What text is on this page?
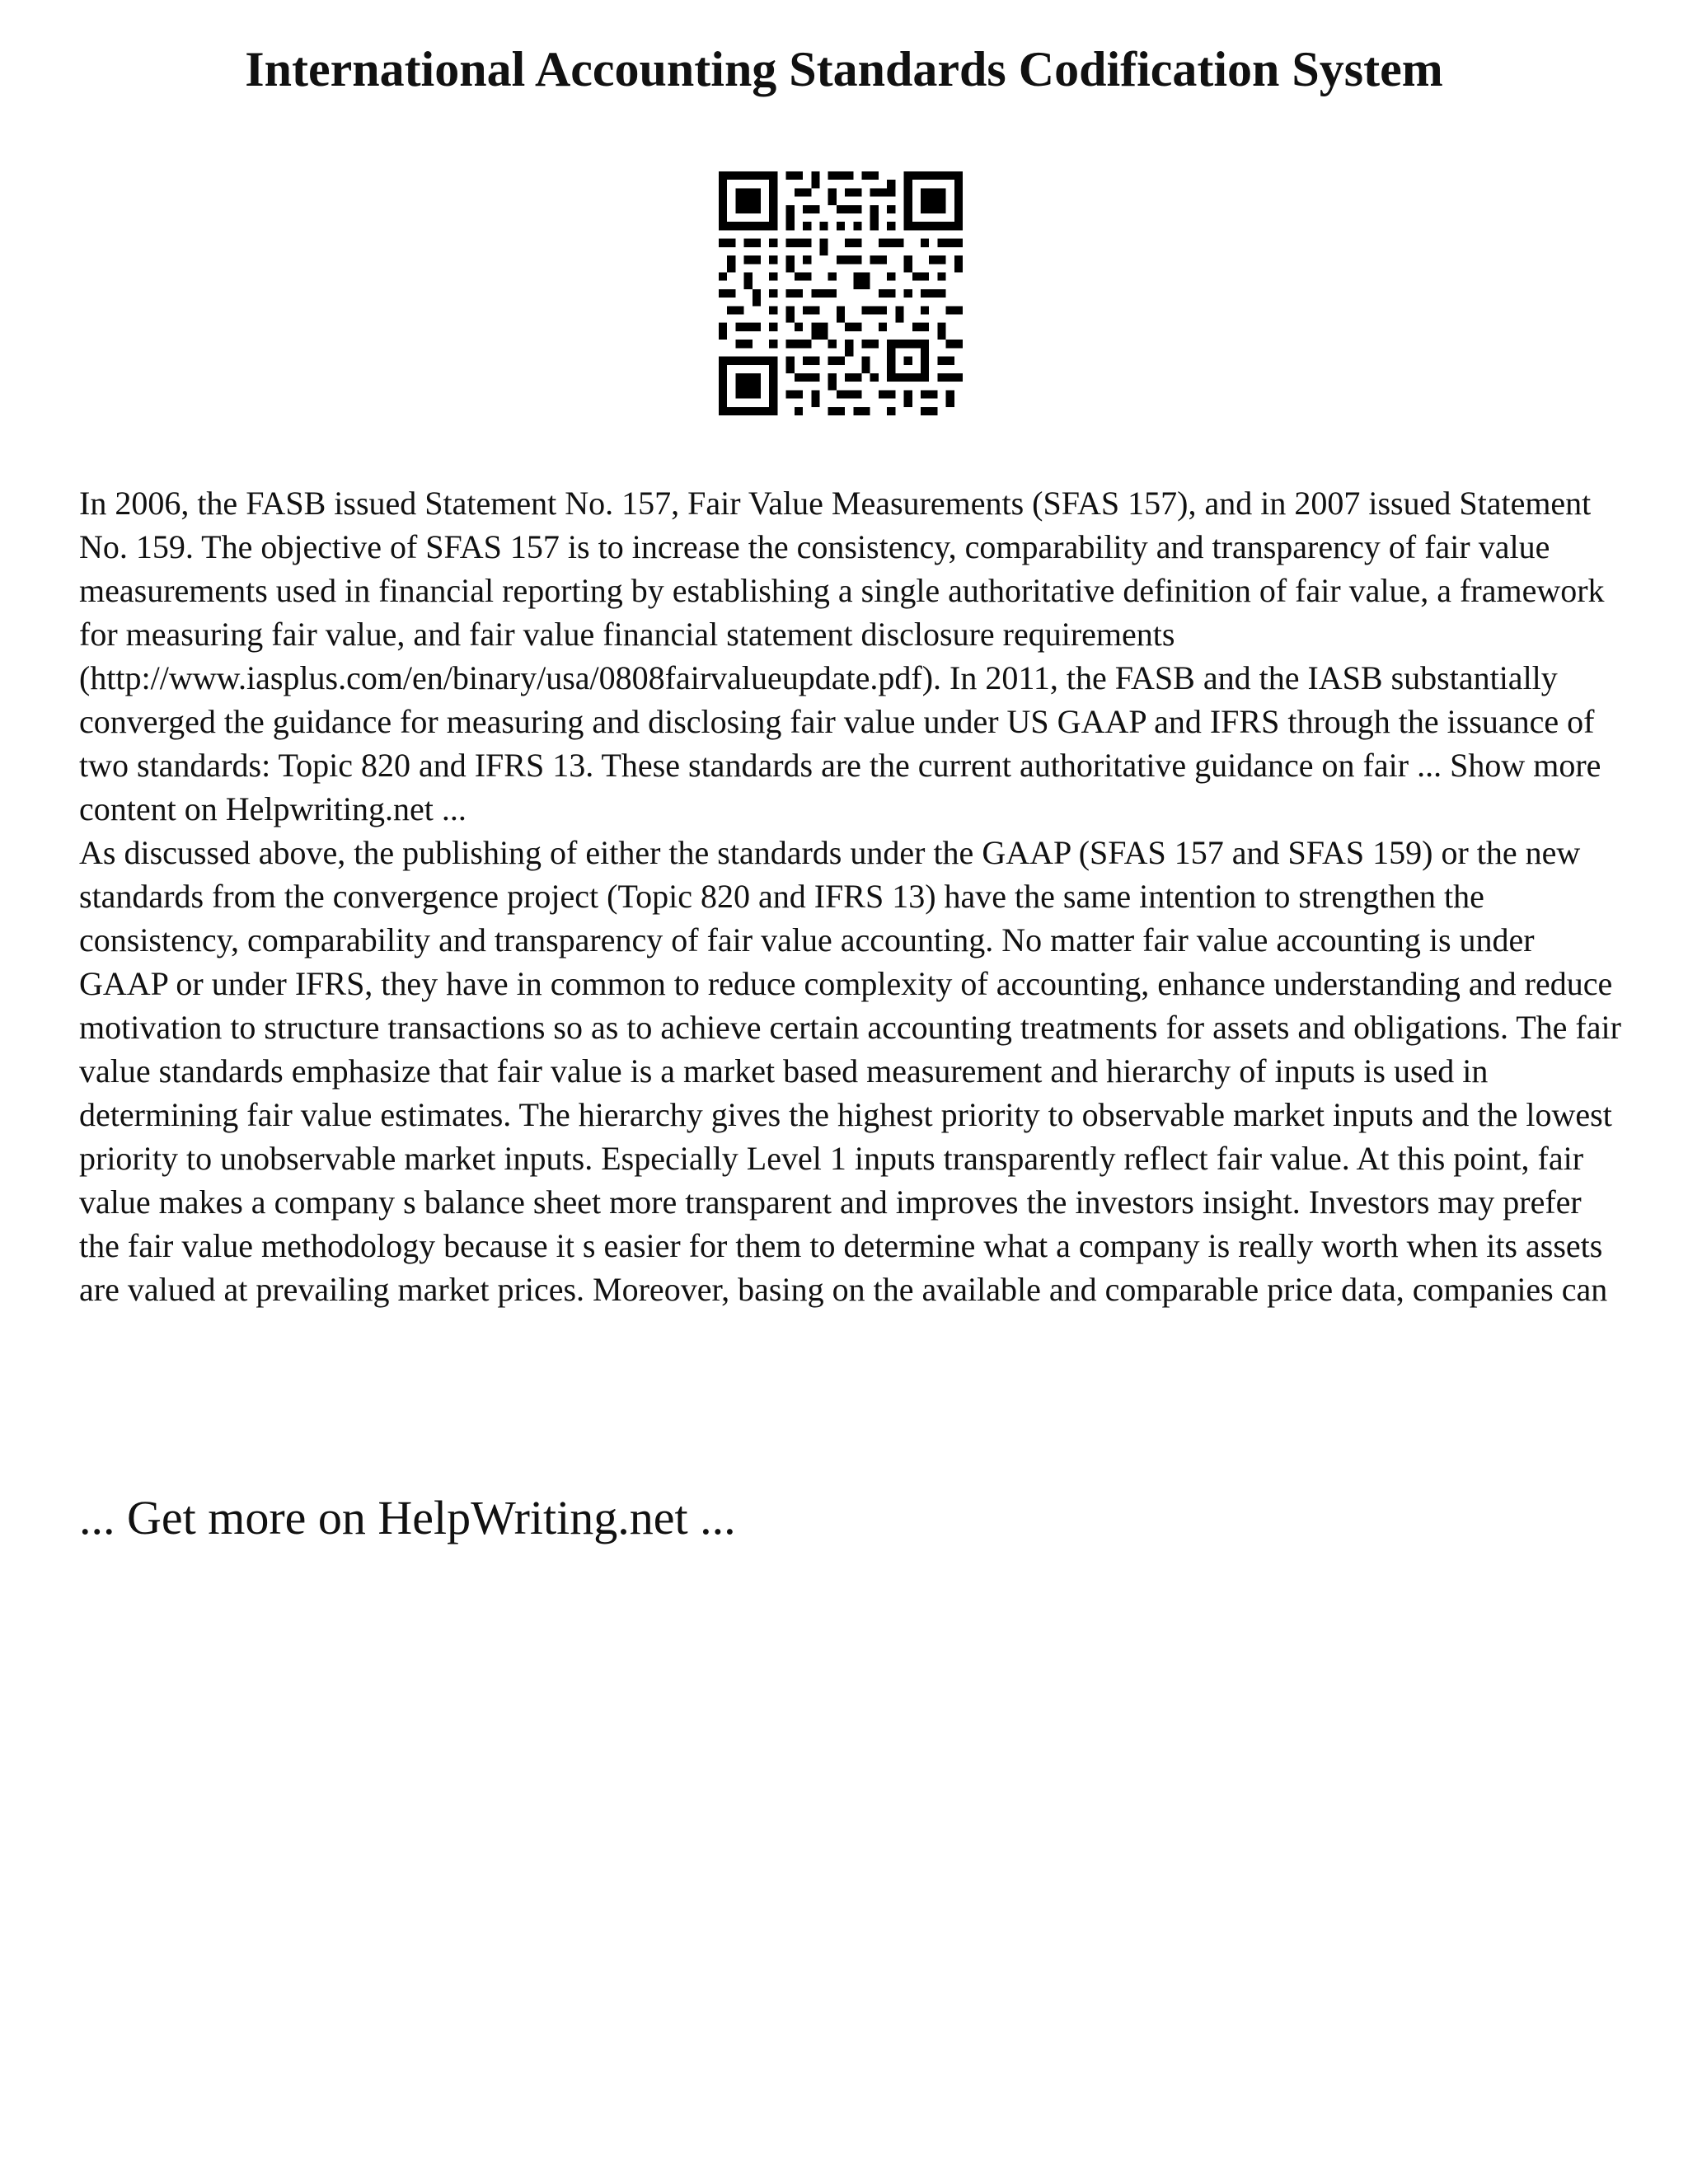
International Accounting Standards Codification System

In 2006, the FASB issued Statement No. 157, Fair Value Measurements (SFAS 157), and in 2007 issued Statement No. 159. The objective of SFAS 157 is to increase the consistency, comparability and transparency of fair value measurements used in financial reporting by establishing a single authoritative definition of fair value, a framework for measuring fair value, and fair value financial statement disclosure requirements (http://www.iasplus.com/en/binary/usa/0808fairvalueupdate.pdf). In 2011, the FASB and the IASB substantially converged the guidance for measuring and disclosing fair value under US GAAP and IFRS through the issuance of two standards: Topic 820 and IFRS 13. These standards are the current authoritative guidance on fair ... Show more content on Helpwriting.net ...

As discussed above, the publishing of either the standards under the GAAP (SFAS 157 and SFAS 159) or the new standards from the convergence project (Topic 820 and IFRS 13) have the same intention to strengthen the consistency, comparability and transparency of fair value accounting. No matter fair value accounting is under GAAP or under IFRS, they have in common to reduce complexity of accounting, enhance understanding and reduce motivation to structure transactions so as to achieve certain accounting treatments for assets and obligations. The fair value standards emphasize that fair value is a market based measurement and hierarchy of inputs is used in determining fair value estimates. The hierarchy gives the highest priority to observable market inputs and the lowest priority to unobservable market inputs. Especially Level 1 inputs transparently reflect fair value. At this point, fair value makes a company s balance sheet more transparent and improves the investors insight. Investors may prefer the fair value methodology because it s easier for them to determine what a company is really worth when its assets are valued at prevailing market prices. Moreover, basing on the available and comparable price data, companies can

... Get more on HelpWriting.net ...
